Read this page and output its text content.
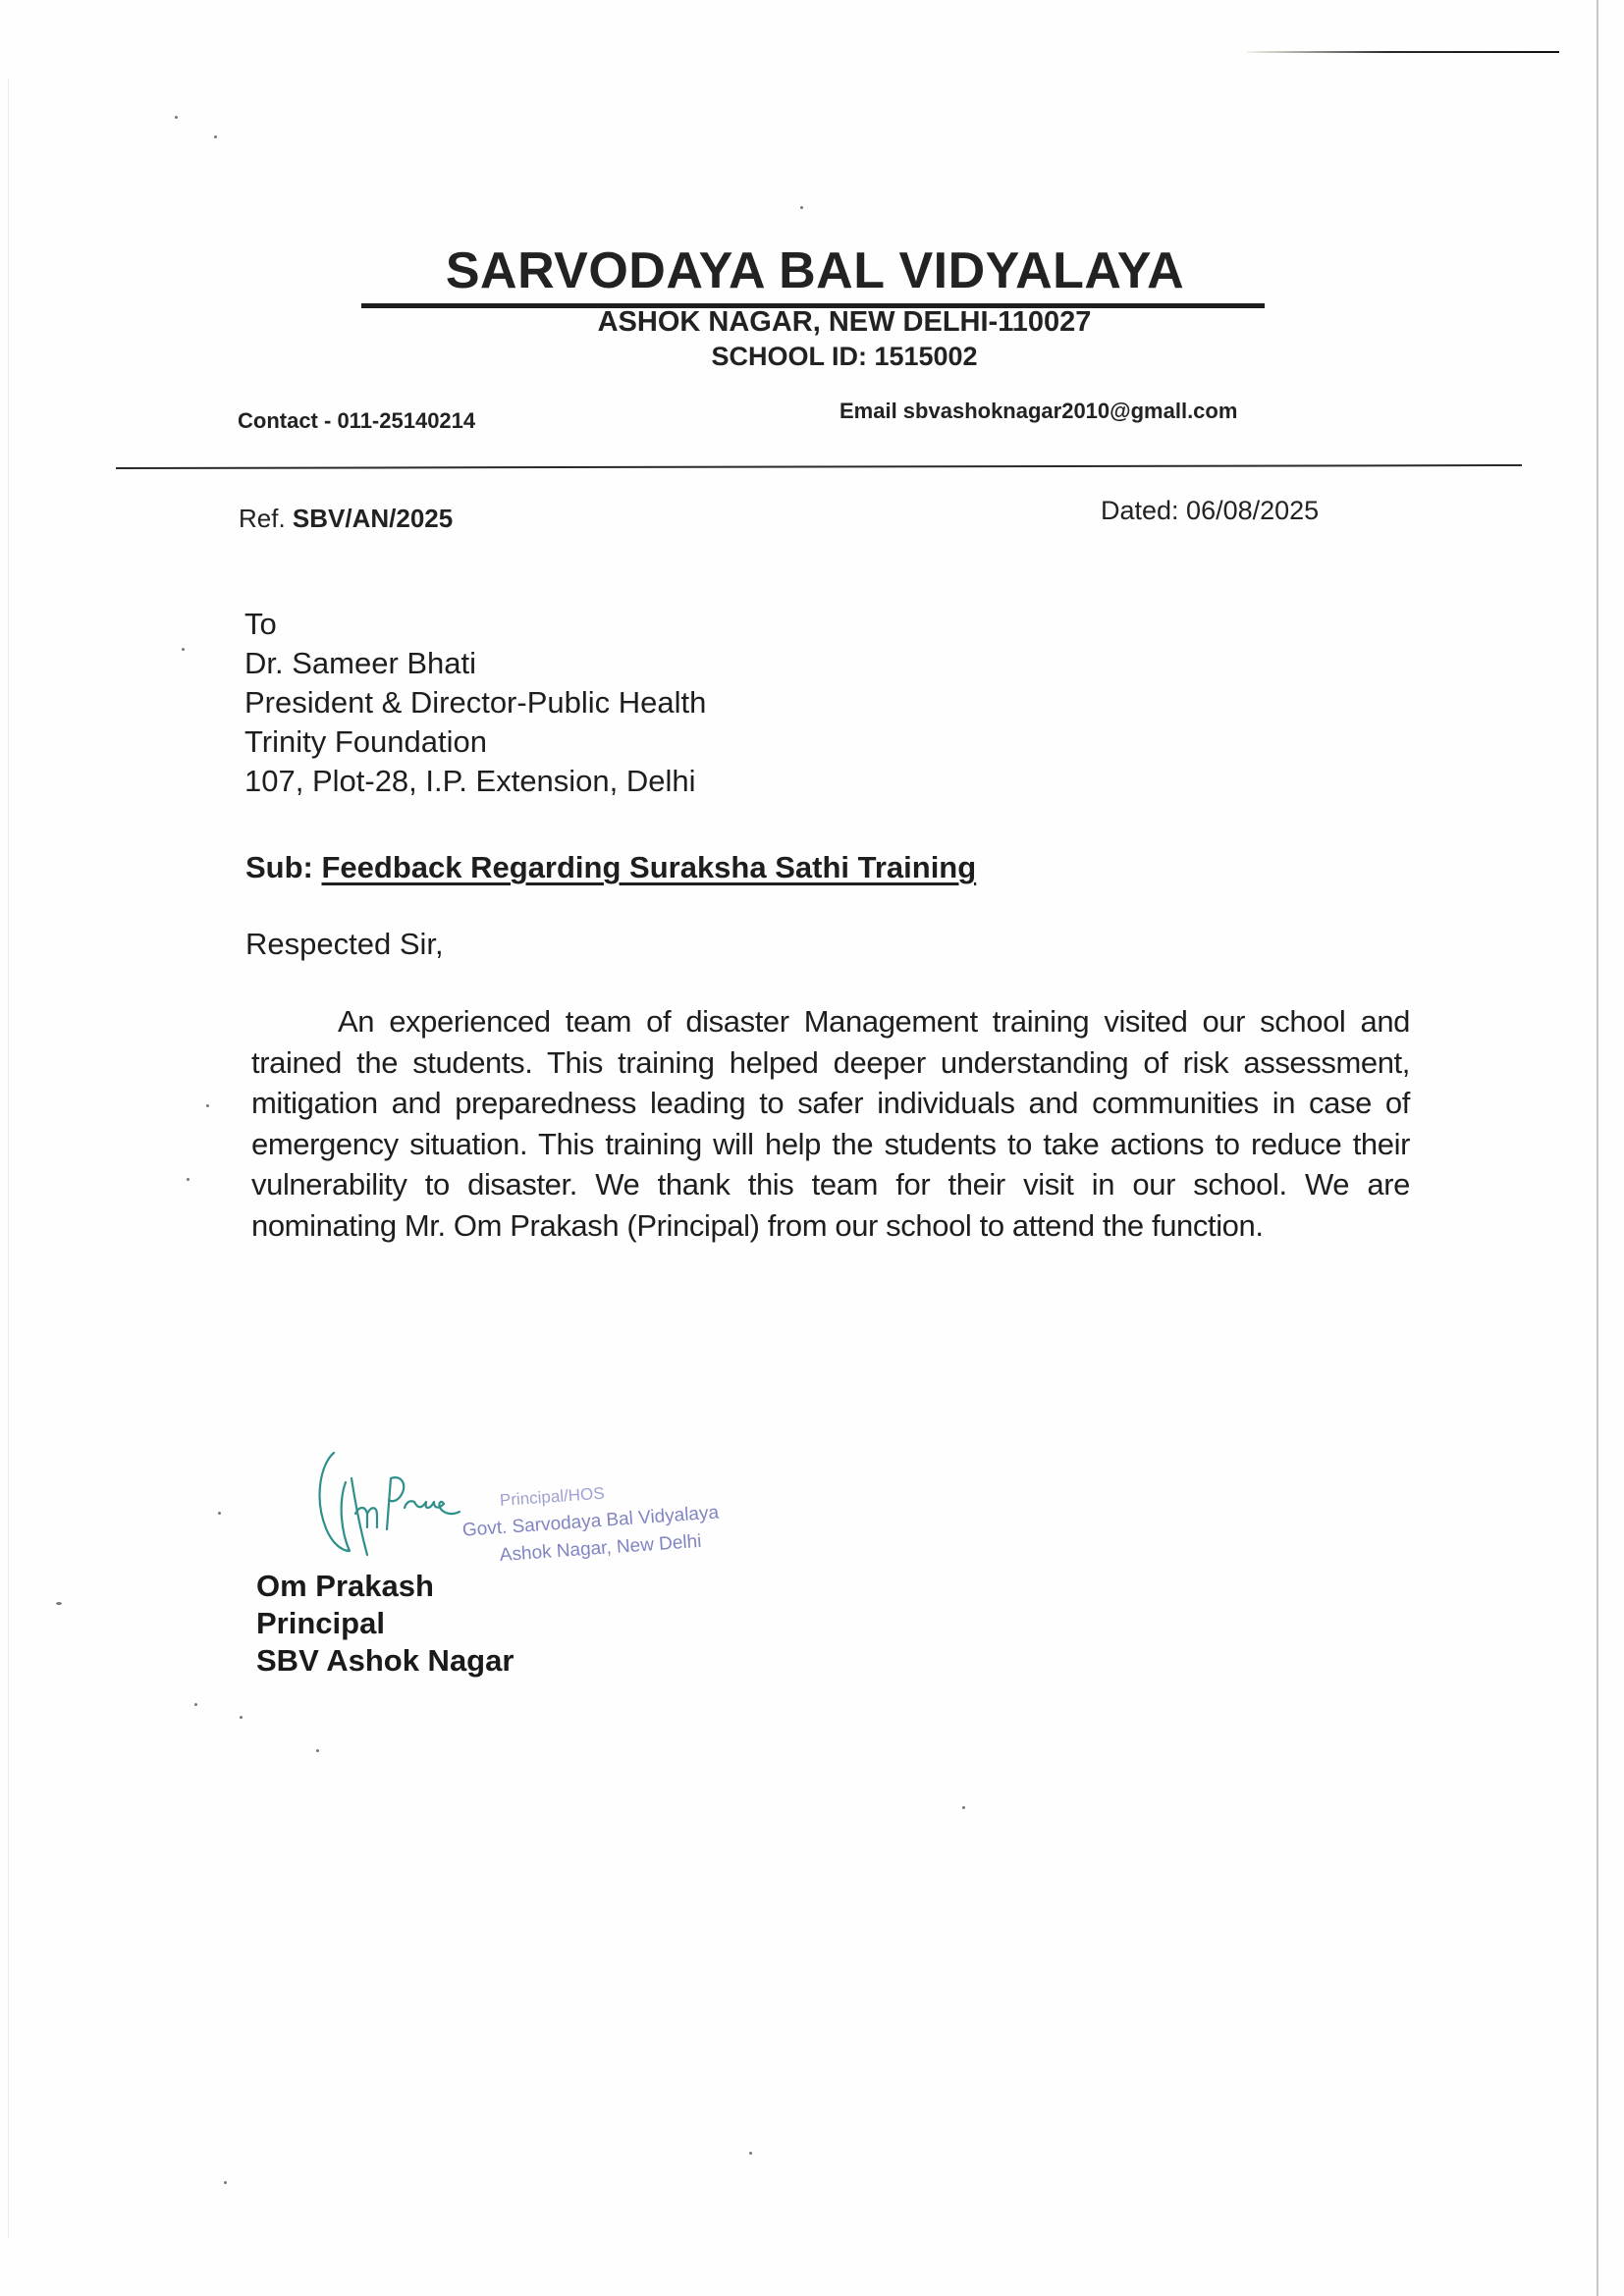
SARVODAYA BAL VIDYALAYA
ASHOK NAGAR, NEW DELHI-110027
SCHOOL ID: 1515002
Contact - 011-25140214	Email sbvashoknagar2010@gmall.com
Ref. SBV/AN/2025	Dated: 06/08/2025
To
Dr. Sameer Bhati
President & Director-Public Health
Trinity Foundation
107, Plot-28, I.P. Extension, Delhi
Sub: Feedback Regarding Suraksha Sathi Training
Respected Sir,
An experienced team of disaster Management training visited our school and trained the students. This training helped deeper understanding of risk assessment, mitigation and preparedness leading to safer individuals and communities in case of emergency situation. This training will help the students to take actions to reduce their vulnerability to disaster. We thank this team for their visit in our school. We are nominating Mr. Om Prakash (Principal) from our school to attend the function.
Principal/HOS
Govt. Sarvodaya Bal Vidyalaya
Ashok Nagar, New Delhi
Om Prakash
Principal
SBV Ashok Nagar
